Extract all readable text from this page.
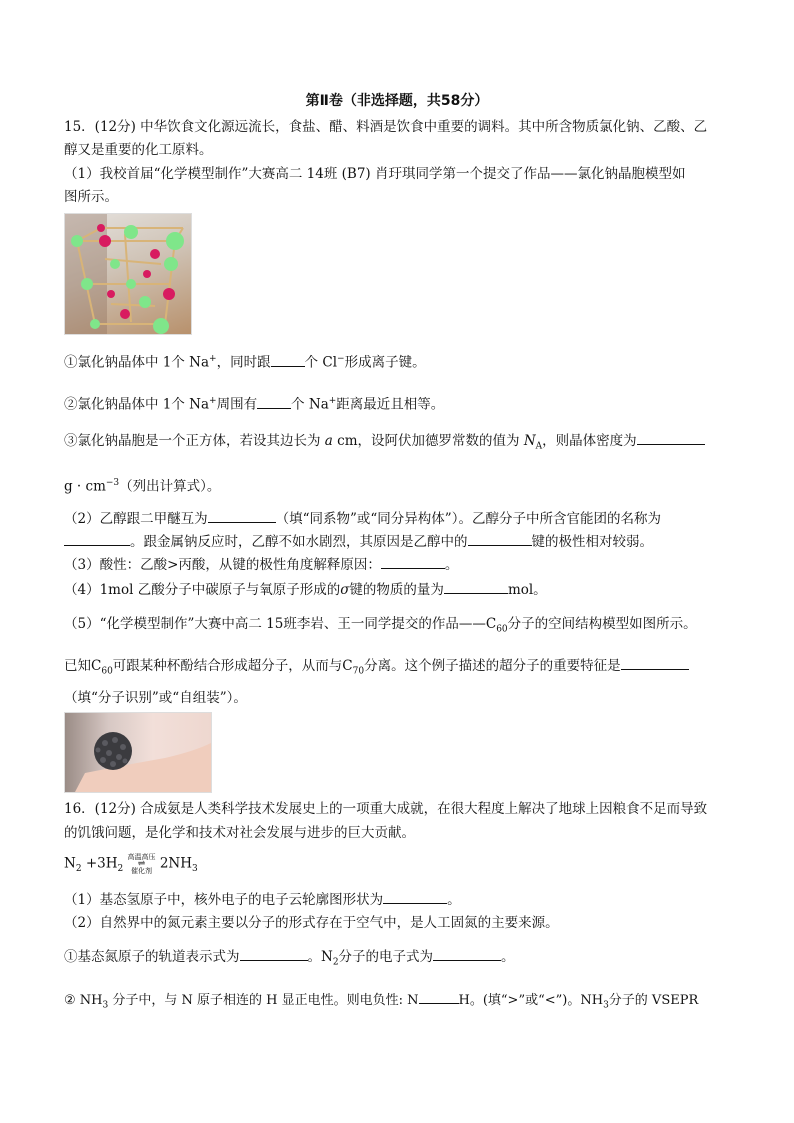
第Ⅱ卷（非选择题，共58分）
15．(12分) 中华饮食文化源远流长，食盐、醋、料酒是饮食中重要的调料。其中所含物质氯化钠、乙酸、乙
醇又是重要的化工原料。
（1）我校首届“化学模型制作”大赛高二 14班 (B7) 肖玗琪同学第一个提交了作品——氯化钠晶胞模型如
图所示。
①氯化钠晶体中 1个 Na+，同时跟	个 Cl−形成离子键。
②氯化钠晶体中 1个 Na+周围有	个 Na+距离最近且相等。
③氯化钠晶胞是一个正方体，若设其边长为 a cm，设阿伏加德罗常数的值为 $N_A$，则晶体密度为
$g \cdot cm^{-3}$（列出计算式）。
（2）乙醇跟二甲醚互为	（填“同系物”或“同分异构体”）。乙醇分子中所含官能团的名称为
。跟金属钠反应时，乙醇不如水剧烈，其原因是乙醇中的	键的极性相对较弱。
（3）酸性：乙酸>丙酸，从键的极性角度解释原因：	。
（4）1mol 乙酸分子中碳原子与氧原子形成的σ键的物质的量为	mol。
（5）“化学模型制作”大赛中高二 15班李岩、王一同学提交的作品$——C_{60}$分子的空间结构模型如图所示。
已知$C_{60}$可跟某种杯酚结合形成超分子，从而与$C_{70}$分离。这个例子描述的超分子的重要特征是
（填“分子识别”或“自组装”）。
16．(12分) 合成氨是人类科学技术发展史上的一项重大成就，在很大程度上解决了地球上因粮食不足而导致
的饥饿问题，是化学和技术对社会发展与进步的巨大贡献。
$N_2 +3H_2$
高温高压
⇌
催化剂 $2NH_3$
（1）基态氢原子中，核外电子的电子云轮廓图形状为	。
（2）自然界中的氮元素主要以分子的形式存在于空气中，是人工固氮的主要来源。
①基态氮原子的轨道表示式为	。$N_2$分子的电子式为	。
② $NH_3$ 分子中，与 N 原子相连的 H 显正电性。则电负性: N	H。(填“>”或“<”)。$NH_3$分子的 VSEPR
